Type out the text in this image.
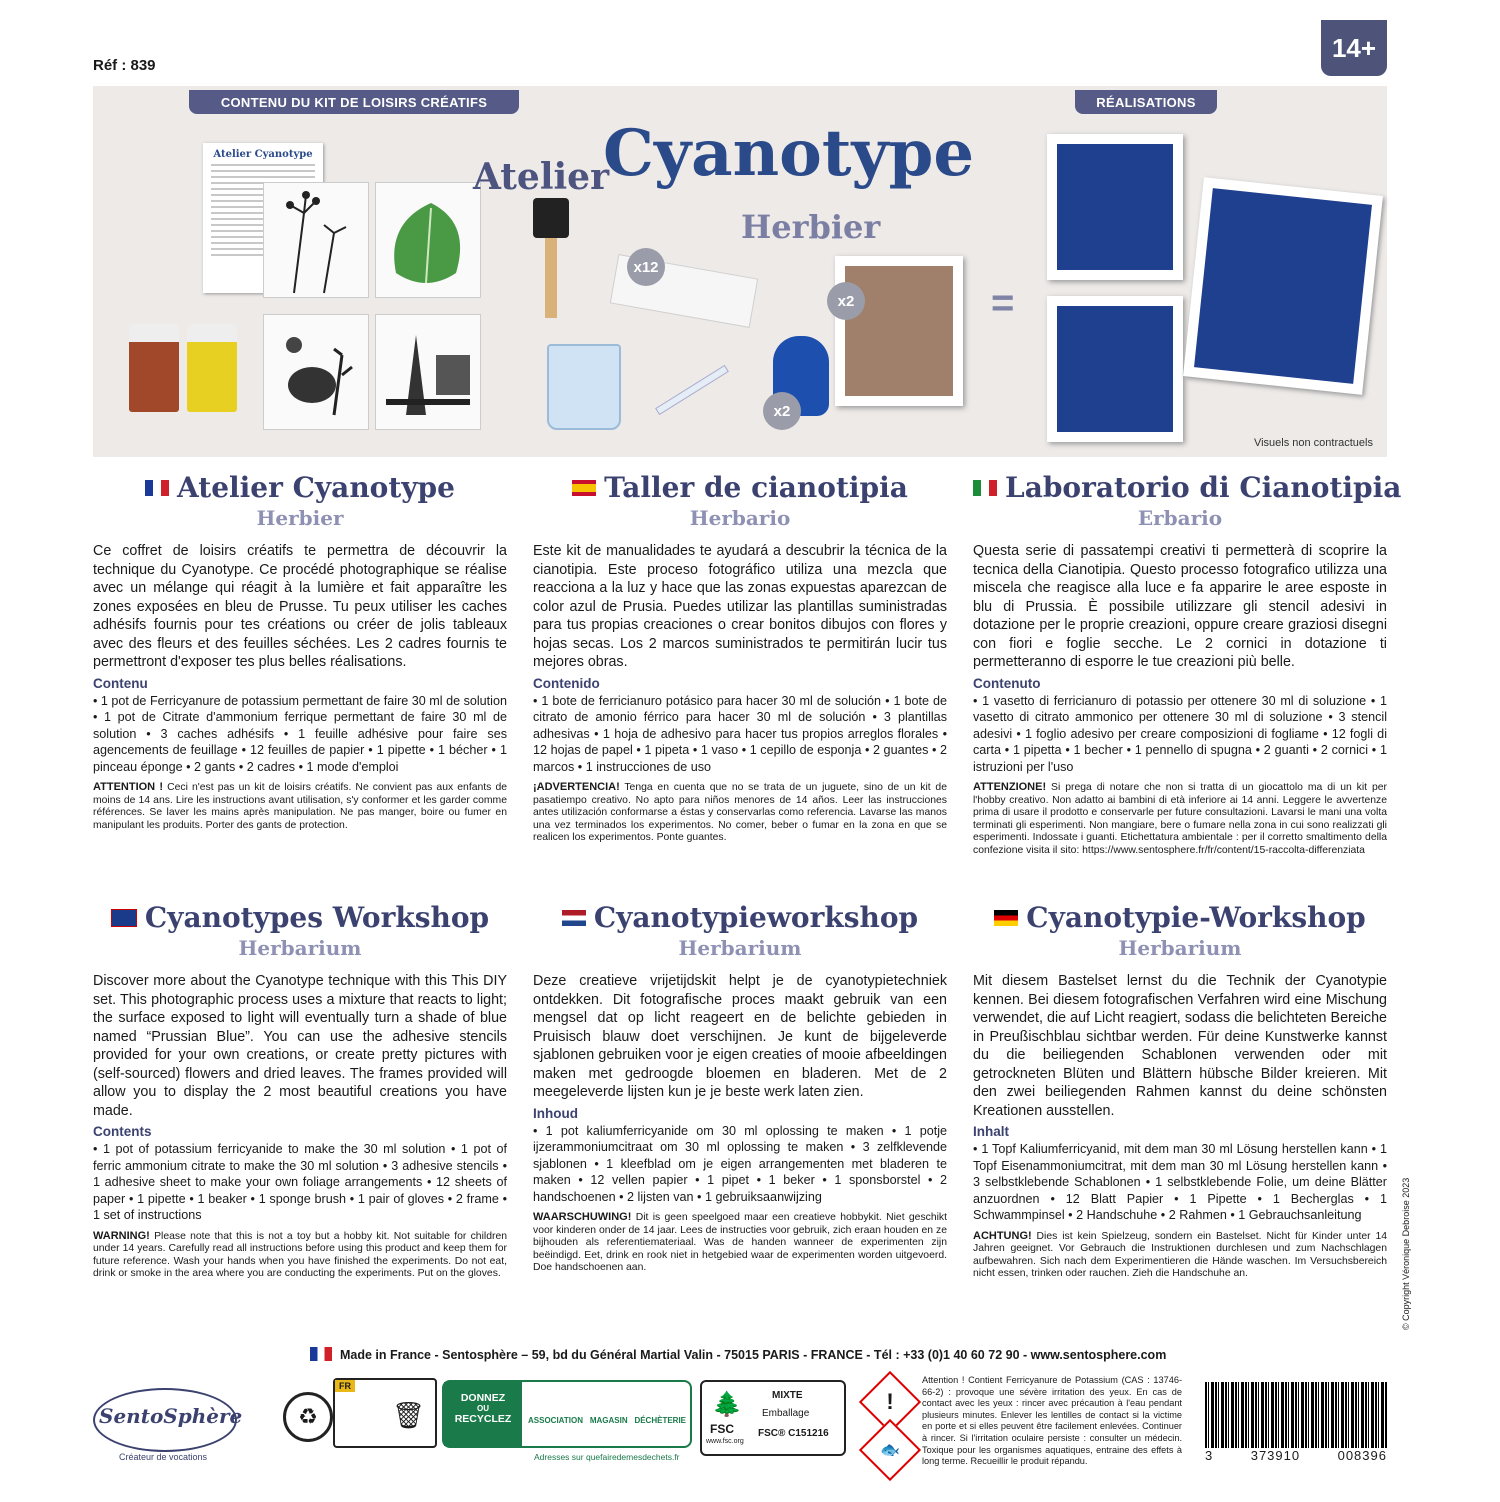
Réf : 839
14+
CONTENU DU KIT DE LOISIRS CRÉATIFS	RÉALISATIONS
Atelier Cyanotype
x12
x2
x2
=
Visuels non contractuels
Atelier
Cyanotype
Herbier
Atelier Cyanotype
Herbier
Ce coffret de loisirs créatifs te permettra de découvrir la technique du Cyanotype. Ce procédé photographique se réalise avec un mélange qui réagit à la lumière et fait apparaître les zones exposées en bleu de Prusse. Tu peux utiliser les caches adhésifs fournis pour tes créations ou créer de jolis tableaux avec des fleurs et des feuilles séchées. Les 2 cadres fournis te permettront d'exposer tes plus belles réalisations.
Contenu
• 1 pot de Ferricyanure de potassium permettant de faire 30 ml de solution • 1 pot de Citrate d'ammonium ferrique permettant de faire 30 ml de solution • 3 caches adhésifs • 1 feuille adhésive pour faire ses agencements de feuillage • 12 feuilles de papier • 1 pipette • 1 bécher • 1 pinceau éponge • 2 gants • 2 cadres • 1 mode d'emploi
ATTENTION ! Ceci n'est pas un kit de loisirs créatifs. Ne convient pas aux enfants de moins de 14 ans. Lire les instructions avant utilisation, s'y conformer et les garder comme références. Se laver les mains après manipulation. Ne pas manger, boire ou fumer en manipulant les produits. Porter des gants de protection.
Taller de cianotipia
Herbario
Este kit de manualidades te ayudará a descubrir la técnica de la cianotipia. Este proceso fotográfico utiliza una mezcla que reacciona a la luz y hace que las zonas expuestas aparezcan de color azul de Prusia. Puedes utilizar las plantillas suministradas para tus propias creaciones o crear bonitos dibujos con flores y hojas secas. Los 2 marcos suministrados te permitirán lucir tus mejores obras.
Contenido
• 1 bote de ferricianuro potásico para hacer 30 ml de solución • 1 bote de citrato de amonio férrico para hacer 30 ml de solución • 3 plantillas adhesivas • 1 hoja de adhesivo para hacer tus propios arreglos florales • 12 hojas de papel • 1 pipeta • 1 vaso • 1 cepillo de esponja • 2 guantes • 2 marcos • 1 instrucciones de uso
¡ADVERTENCIA! Tenga en cuenta que no se trata de un juguete, sino de un kit de pasatiempo creativo. No apto para niños menores de 14 años. Leer las instrucciones antes utilización conformarse a éstas y conservarlas como referencia. Lavarse las manos una vez terminados los experimentos. No comer, beber o fumar en la zona en que se realicen los experimentos. Ponte guantes.
Laboratorio di Cianotipia
Erbario
Questa serie di passatempi creativi ti permetterà di scoprire la tecnica della Cianotipia. Questo processo fotografico utilizza una miscela che reagisce alla luce e fa apparire le aree esposte in blu di Prussia. È possibile utilizzare gli stencil adesivi in dotazione per le proprie creazioni, oppure creare graziosi disegni con fiori e foglie secche. Le 2 cornici in dotazione ti permetteranno di esporre le tue creazioni più belle.
Contenuto
• 1 vasetto di ferricianuro di potassio per ottenere 30 ml di soluzione • 1 vasetto di citrato ammonico per ottenere 30 ml di soluzione • 3 stencil adesivi • 1 foglio adesivo per creare composizioni di fogliame • 12 fogli di carta • 1 pipetta • 1 becher • 1 pennello di spugna • 2 guanti • 2 cornici • 1 istruzioni per l'uso
ATTENZIONE! Si prega di notare che non si tratta di un giocattolo ma di un kit per l'hobby creativo. Non adatto ai bambini di età inferiore ai 14 anni. Leggere le avvertenze prima di usare il prodotto e conservarle per future consultazioni. Lavarsi le mani una volta terminati gli esperimenti. Non mangiare, bere o fumare nella zona in cui sono realizzati gli esperimenti. Indossate i guanti. Etichettatura ambientale : per il corretto smaltimento della confezione visita il sito: https://www.sentosphere.fr/fr/content/15-raccolta-differenziata
Cyanotypes Workshop
Herbarium
Discover more about the Cyanotype technique with this This DIY set. This photographic process uses a mixture that reacts to light; the surface exposed to light will eventually turn a shade of blue named “Prussian Blue”. You can use the adhesive stencils provided for your own creations, or create pretty pictures with (self-sourced) flowers and dried leaves. The frames provided will allow you to display the 2 most beautiful creations you have made.
Contents
• 1 pot of potassium ferricyanide to make the 30 ml solution • 1 pot of ferric ammonium citrate to make the 30 ml solution • 3 adhesive stencils • 1 adhesive sheet to make your own foliage arrangements • 12 sheets of paper • 1 pipette • 1 beaker • 1 sponge brush • 1 pair of gloves • 2 frame • 1 set of instructions
WARNING! Please note that this is not a toy but a hobby kit. Not suitable for children under 14 years. Carefully read all instructions before using this product and keep them for future reference. Wash your hands when you have finished the experiments. Do not eat, drink or smoke in the area where you are conducting the experiments. Put on the gloves.
Cyanotypieworkshop
Herbarium
Deze creatieve vrijetijdskit helpt je de cyanotypietechniek ontdekken. Dit fotografische proces maakt gebruik van een mengsel dat op licht reageert en de belichte gebieden in Pruisisch blauw doet verschijnen. Je kunt de bijgeleverde sjablonen gebruiken voor je eigen creaties of mooie afbeeldingen maken met gedroogde bloemen en bladeren. Met de 2 meegeleverde lijsten kun je je beste werk laten zien.
Inhoud
• 1 pot kaliumferricyanide om 30 ml oplossing te maken • 1 potje ijzerammoniumcitraat om 30 ml oplossing te maken • 3 zelfklevende sjablonen • 1 kleefblad om je eigen arrangementen met bladeren te maken • 12 vellen papier • 1 pipet • 1 beker • 1 sponsborstel • 2 handschoenen • 2 lijsten van • 1 gebruiksaanwijzing
WAARSCHUWING! Dit is geen speelgoed maar een creatieve hobbykit. Niet geschikt voor kinderen onder de 14 jaar. Lees de instructies voor gebruik, zich eraan houden en ze bijhouden als referentiemateriaal. Was de handen wanneer de experimenten zijn beëindigd. Eet, drink en rook niet in hetgebied waar de experimenten worden uitgevoerd. Doe handschoenen aan.
Cyanotypie-Workshop
Herbarium
Mit diesem Bastelset lernst du die Technik der Cyanotypie kennen. Bei diesem fotografischen Verfahren wird eine Mischung verwendet, die auf Licht reagiert, sodass die belichteten Bereiche in Preußischblau sichtbar werden. Für deine Kunstwerke kannst du die beiliegenden Schablonen verwenden oder mit getrockneten Blüten und Blättern hübsche Bilder kreieren. Mit den zwei beiliegenden Rahmen kannst du deine schönsten Kreationen ausstellen.
Inhalt
• 1 Topf Kaliumferricyanid, mit dem man 30 ml Lösung herstellen kann • 1 Topf Eisenammoniumcitrat, mit dem man 30 ml Lösung herstellen kann • 3 selbstklebende Schablonen • 1 selbstklebende Folie, um deine Blätter anzuordnen • 12 Blatt Papier • 1 Pipette • 1 Becherglas • 1 Schwammpinsel • 2 Handschuhe • 2 Rahmen • 1 Gebrauchsanleitung
ACHTUNG! Dies ist kein Spielzeug, sondern ein Bastelset. Nicht für Kinder unter 14 Jahren geeignet. Vor Gebrauch die Instruktionen durchlesen und zum Nachschlagen aufbewahren. Sich nach dem Experimentieren die Hände waschen. Im Versuchsbereich nicht essen, trinken oder rauchen. Zieh die Handschuhe an.	© Copyright Véronique Debroise 2023
Made in France - Sentosphère – 59, bd du Général Martial Valin - 75015 PARIS - FRANCE - Tél : +33 (0)1 40 60 72 90 - www.sentosphere.com
SentoSphère
Créateur de vocations
♻
FR
🗑
DONNEZ
OU
RECYCLEZ	ASSOCIATION MAGASIN DÉCHÈTERIE
Adresses sur quefairedemesdechets.fr
🌲
FSC
www.fsc.org
MIXTE
Emballage
FSC® C151216
!
🐟
Attention ! Contient Ferricyanure de Potassium (CAS : 13746-66-2) : provoque une sévère irritation des yeux. En cas de contact avec les yeux : rincer avec précaution à l'eau pendant plusieurs minutes. Enlever les lentilles de contact si la victime en porte et si elles peuvent être facilement enlevées. Continuer à rincer. Si l'irritation oculaire persiste : consulter un médecin. Toxique pour les organismes aquatiques, entraine des effets à long terme. Recueillir le produit répandu.	3	373910	008396
